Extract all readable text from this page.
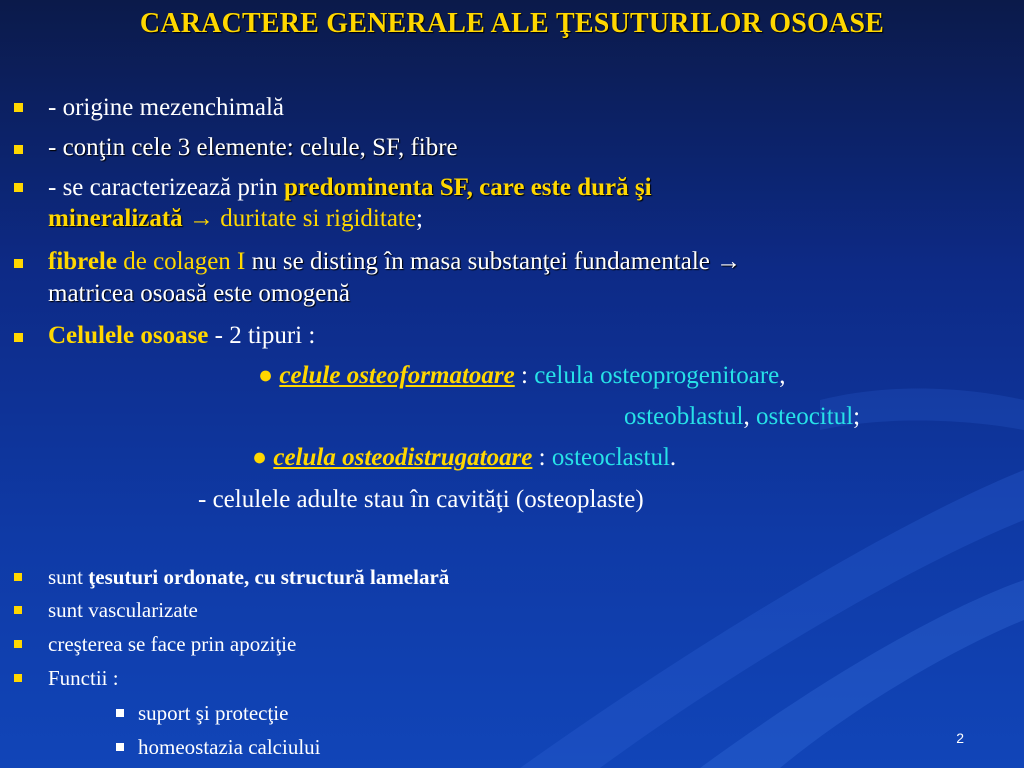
CARACTERE GENERALE ALE ŢESUTURILOR OSOASE
- origine mezenchimală
- conţin cele 3 elemente: celule, SF, fibre
- se caracterizează prin predominenta SF, care este dură şi
mineralizată → duritate si rigiditate;
fibrele de colagen I nu se disting în masa substanţei fundamentale →
matricea osoasă este omogenă
Celulele osoase - 2 tipuri :
● celule osteoformatoare : celula osteoprogenitoare,
osteoblastul, osteocitul;
● celula osteodistrugatoare : osteoclastul.
- celulele adulte stau în cavităţi (osteoplaste)
sunt ţesuturi ordonate, cu structură lamelară
sunt vascularizate
creşterea se face prin apoziţie
Functii :
suport şi protecţie
homeostazia calciului	2
